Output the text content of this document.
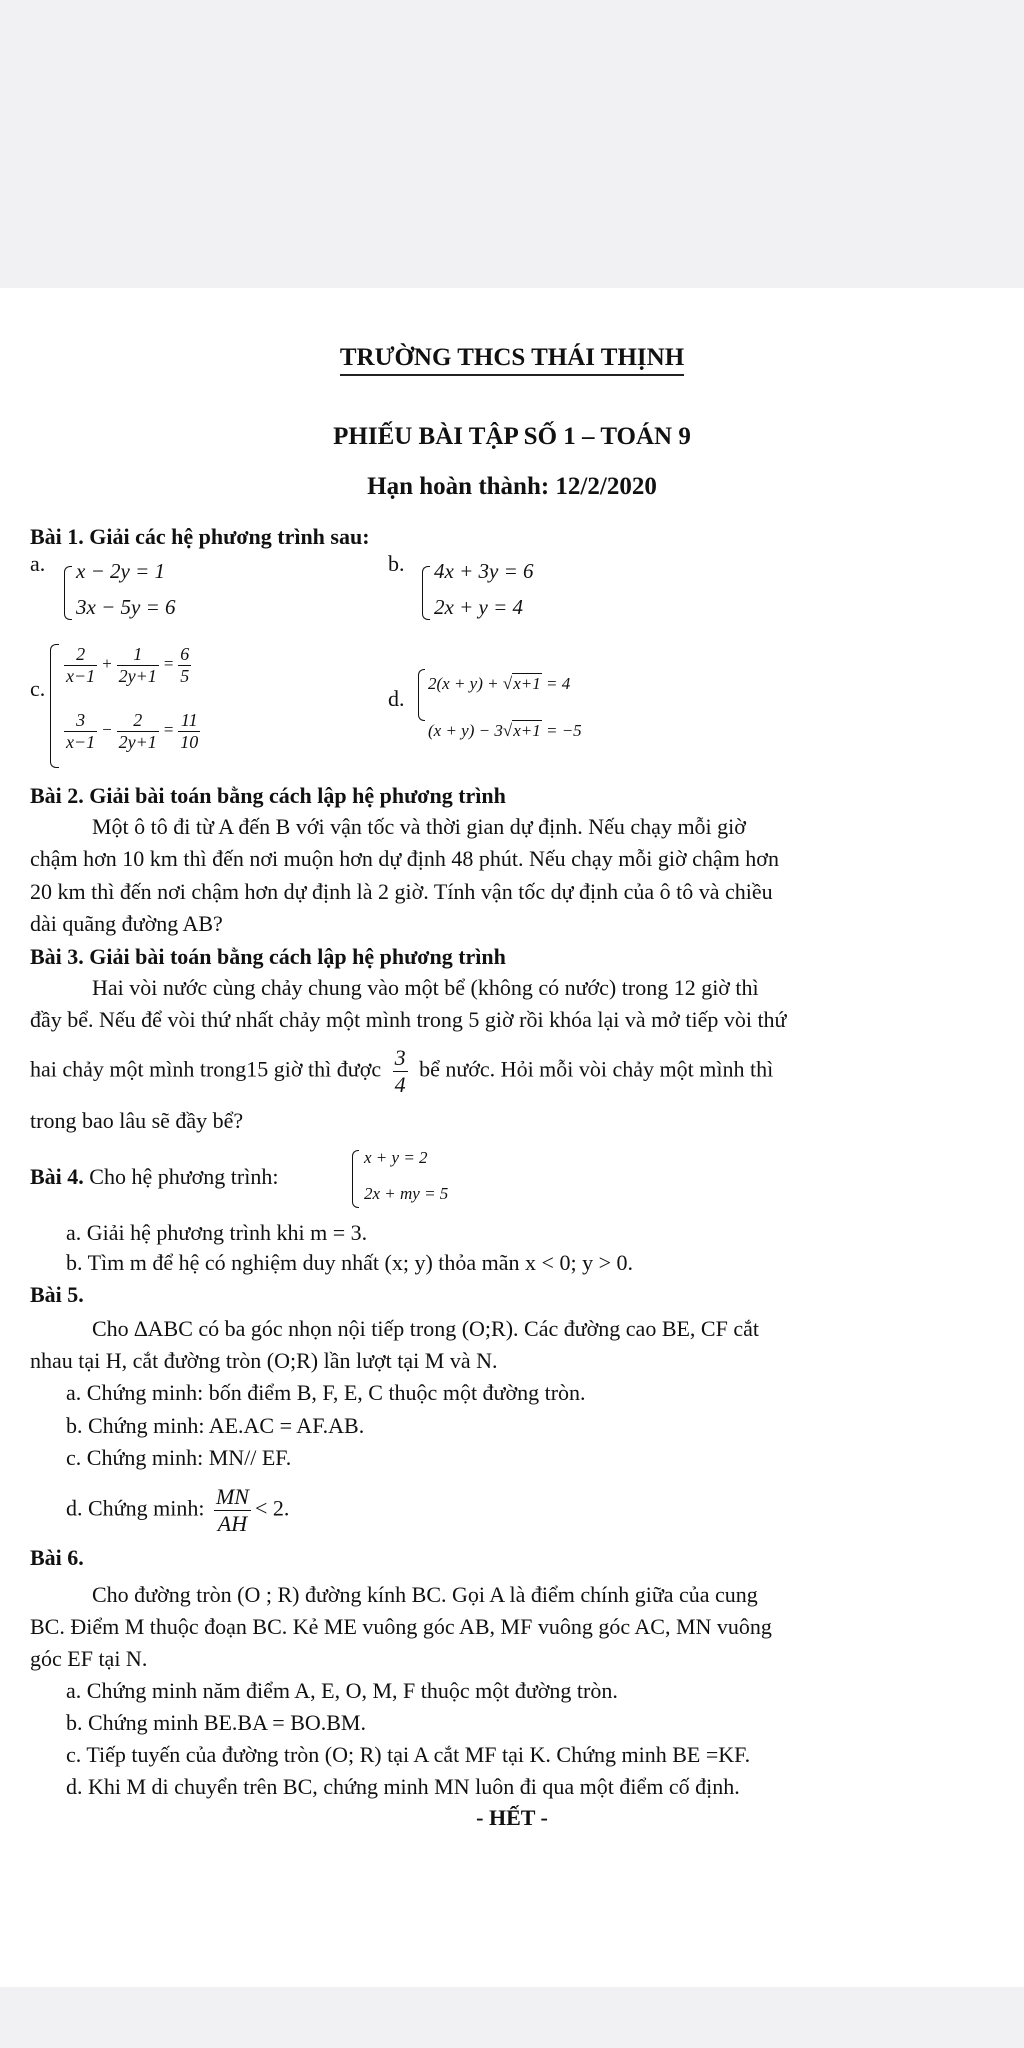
TRƯỜNG THCS THÁI THỊNH
PHIẾU BÀI TẬP SỐ 1 – TOÁN 9
Hạn hoàn thành: 12/2/2020
Bài 1. Giải các hệ phương trình sau:
a. x − 2y = 1
3x − 5y = 6
b. 4x + 3y = 6
2x + y = 4
c.
$\frac{2}{x-1} + \frac{1}{2y+1} = \frac{6}{5}$
$\frac{3}{x-1} - \frac{2}{2y+1} = \frac{11}{10}$
d.
2(x + y) + √x+1 = 4
(x + y) − 3√x+1 = −5
Bài 2. Giải bài toán bằng cách lập hệ phương trình
Một ô tô đi từ A đến B với vận tốc và thời gian dự định. Nếu chạy mỗi giờ
chậm hơn 10 km thì đến nơi muộn hơn dự định 48 phút. Nếu chạy mỗi giờ chậm hơn
20 km thì đến nơi chậm hơn dự định là 2 giờ. Tính vận tốc dự định của ô tô và chiều
dài quãng đường AB?
Bài 3. Giải bài toán bằng cách lập hệ phương trình
Hai vòi nước cùng chảy chung vào một bể (không có nước) trong 12 giờ thì
đầy bể. Nếu để vòi thứ nhất chảy một mình trong 5 giờ rồi khóa lại và mở tiếp vòi thứ
hai chảy một mình trong15 giờ thì được $\frac{3}{4}$ bể nước. Hỏi mỗi vòi chảy một mình thì
trong bao lâu sẽ đầy bể?
Bài 4. Cho hệ phương trình:
x + y = 2
2x + my = 5
a. Giải hệ phương trình khi m = 3.
b. Tìm m để hệ có nghiệm duy nhất (x; y) thỏa mãn x < 0; y > 0.
Bài 5.
Cho ∆ABC có ba góc nhọn nội tiếp trong (O;R). Các đường cao BE, CF cắt
nhau tại H, cắt đường tròn (O;R) lần lượt tại M và N.
a. Chứng minh: bốn điểm B, F, E, C thuộc một đường tròn.
b. Chứng minh: AE.AC = AF.AB.
c. Chứng minh: MN// EF.
d. Chứng minh: $\frac{MN}{AH} < 2$.
Bài 6.
Cho đường tròn (O ; R) đường kính BC. Gọi A là điểm chính giữa của cung
BC. Điểm M thuộc đoạn BC. Kẻ ME vuông góc AB, MF vuông góc AC, MN vuông
góc EF tại N.
a. Chứng minh năm điểm A, E, O, M, F thuộc một đường tròn.
b. Chứng minh BE.BA = BO.BM.
c. Tiếp tuyến của đường tròn (O; R) tại A cắt MF tại K. Chứng minh BE =KF.
d. Khi M di chuyển trên BC, chứng minh MN luôn đi qua một điểm cố định.
- HẾT -
